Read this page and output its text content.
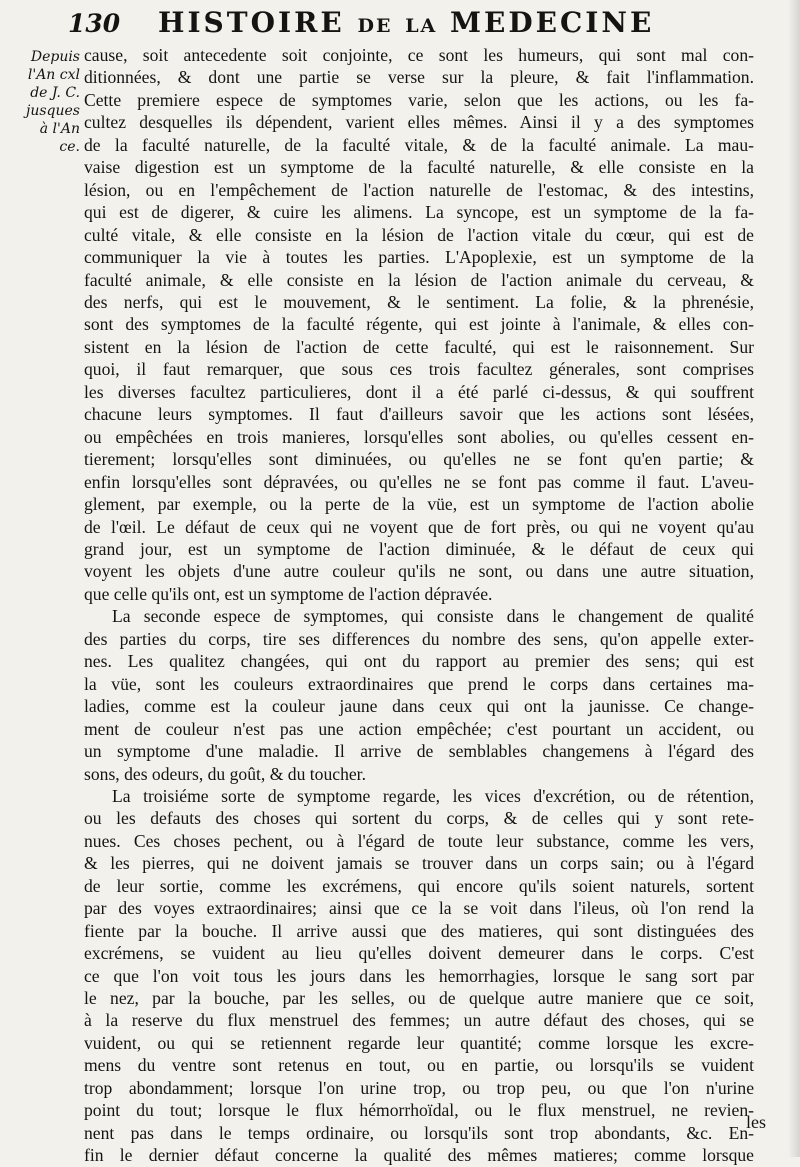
130	HISTOIRE DE LA MEDECINE
Depuis
l'An cxl
de J. C.
jusques
à l'An
ce.
cause, soit antecedente soit conjointe, ce sont les humeurs, qui sont mal con-
ditionnées, & dont une partie se verse sur la pleure, & fait l'inflammation.
Cette premiere espece de symptomes varie, selon que les actions, ou les fa-
cultez desquelles ils dépendent, varient elles mêmes. Ainsi il y a des symptomes
de la faculté naturelle, de la faculté vitale, & de la faculté animale. La mau-
vaise digestion est un symptome de la faculté naturelle, & elle consiste en la
lésion, ou en l'empêchement de l'action naturelle de l'estomac, & des intestins,
qui est de digerer, & cuire les alimens. La syncope, est un symptome de la fa-
culté vitale, & elle consiste en la lésion de l'action vitale du cœur, qui est de
communiquer la vie à toutes les parties. L'Apoplexie, est un symptome de la
faculté animale, & elle consiste en la lésion de l'action animale du cerveau, &
des nerfs, qui est le mouvement, & le sentiment. La folie, & la phrenésie,
sont des symptomes de la faculté régente, qui est jointe à l'animale, & elles con-
sistent en la lésion de l'action de cette faculté, qui est le raisonnement. Sur
quoi, il faut remarquer, que sous ces trois facultez génerales, sont comprises
les diverses facultez particulieres, dont il a été parlé ci-dessus, & qui souffrent
chacune leurs symptomes. Il faut d'ailleurs savoir que les actions sont lésées,
ou empêchées en trois manieres, lorsqu'elles sont abolies, ou qu'elles cessent en-
tierement; lorsqu'elles sont diminuées, ou qu'elles ne se font qu'en partie; &
enfin lorsqu'elles sont dépravées, ou qu'elles ne se font pas comme il faut. L'aveu-
glement, par exemple, ou la perte de la vüe, est un symptome de l'action abolie
de l'œil. Le défaut de ceux qui ne voyent que de fort près, ou qui ne voyent qu'au
grand jour, est un symptome de l'action diminuée, & le défaut de ceux qui
voyent les objets d'une autre couleur qu'ils ne sont, ou dans une autre situation,
que celle qu'ils ont, est un symptome de l'action dépravée.
La seconde espece de symptomes, qui consiste dans le changement de qualité
des parties du corps, tire ses differences du nombre des sens, qu'on appelle exter-
nes. Les qualitez changées, qui ont du rapport au premier des sens; qui est
la vüe, sont les couleurs extraordinaires que prend le corps dans certaines ma-
ladies, comme est la couleur jaune dans ceux qui ont la jaunisse. Ce change-
ment de couleur n'est pas une action empêchée; c'est pourtant un accident, ou
un symptome d'une maladie. Il arrive de semblables changemens à l'égard des
sons, des odeurs, du goût, & du toucher.
La troisiéme sorte de symptome regarde, les vices d'excrétion, ou de rétention,
ou les defauts des choses qui sortent du corps, & de celles qui y sont rete-
nues. Ces choses pechent, ou à l'égard de toute leur substance, comme les vers,
& les pierres, qui ne doivent jamais se trouver dans un corps sain; ou à l'égard
de leur sortie, comme les excrémens, qui encore qu'ils soient naturels, sortent
par des voyes extraordinaires; ainsi que ce la se voit dans l'ileus, où l'on rend la
fiente par la bouche. Il arrive aussi que des matieres, qui sont distinguées des
excrémens, se vuident au lieu qu'elles doivent demeurer dans le corps. C'est
ce que l'on voit tous les jours dans les hemorrhagies, lorsque le sang sort par
le nez, par la bouche, par les selles, ou de quelque autre maniere que ce soit,
à la reserve du flux menstruel des femmes; un autre défaut des choses, qui se
vuident, ou qui se retiennent regarde leur quantité; comme lorsque les excre-
mens du ventre sont retenus en tout, ou en partie, ou lorsqu'ils se vuident
trop abondamment; lorsque l'on urine trop, ou trop peu, ou que l'on n'urine
point du tout; lorsque le flux hémorrhoïdal, ou le flux menstruel, ne revien-
nent pas dans le temps ordinaire, ou lorsqu'ils sont trop abondants, &c. En-
fin le dernier défaut concerne la qualité des mêmes matieres; comme lorsque
les
